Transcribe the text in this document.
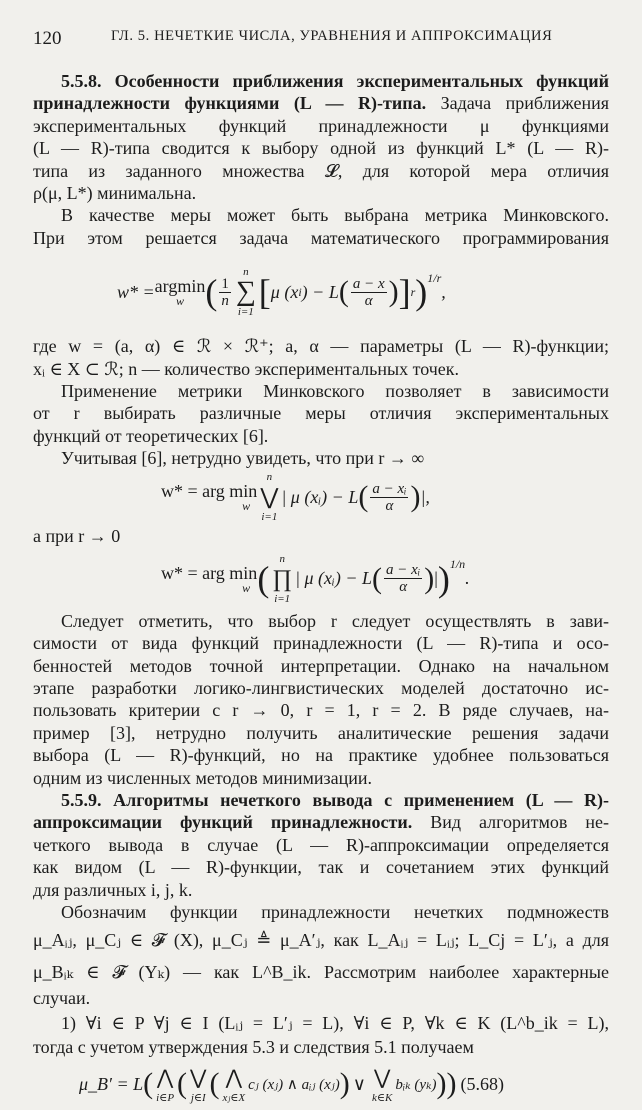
120	ГЛ. 5. НЕЧЕТКИЕ ЧИСЛА, УРАВНЕНИЯ И АППРОКСИМАЦИЯ
5.5.8. Особенности приближения экспериментальных функций
принадлежности функциями (L — R)-типа. Задача приближения
экспериментальных функций принадлежности μ функциями
(L — R)-типа сводится к выбору одной из функций L* (L — R)-
типа из заданного множества 𝓛, для которой мера отличия
ρ(μ, L*) минимальна.
В качестве меры может быть выбрана метрика Минковского.
При этом решается задача математического программирования
w* = argmin
w ( $\frac{1}{n}$
n
∑
i=1 [ μ (x i ) − L ( $\frac{a - x}{\alpha}$ ) ] r ) 1/r
,
где w = (a, α) ∈ ℛ × ℛ⁺; a, α — параметры (L — R)-функции;
xᵢ ∈ X ⊂ ℛ; n — количество экспериментальных точек.
Применение метрики Минковского позволяет в зависимости
от r выбирать различные меры отличия экспериментальных
функций от теоретических [6].
Учитывая [6], нетрудно увидеть, что при r → ∞
w* = arg min
w
n
⋁
i=1
| μ (xᵢ) − L ( $\frac{\text{a − xᵢ}}{\alpha}$ ) |,
а при r → 0
w* = arg min
w ( n
∏
i=1
| μ (xᵢ) − L ( $\frac{\text{a − xᵢ}}{\alpha}$ ) | ) 1/n
.
Следует отметить, что выбор r следует осуществлять в зави-
симости от вида функций принадлежности (L — R)-типа и осо-
бенностей методов точной интерпретации. Однако на начальном
этапе разработки логико-лингвистических моделей достаточно ис-
пользовать критерии с r → 0, r = 1, r = 2. В ряде случаев, на-
пример [3], нетрудно получить аналитические решения задачи
выбора (L — R)-функций, но на практике удобнее пользоваться
одним из численных методов минимизации.
5.5.9. Алгоритмы нечеткого вывода с применением (L — R)-
аппроксимации функций принадлежности. Вид алгоритмов не-
четкого вывода в случае (L — R)-аппроксимации определяется
как видом (L — R)-функции, так и сочетанием этих функций
для различных i, j, k.
Обозначим функции принадлежности нечетких подмножеств
μ_Aᵢⱼ, μ_Cⱼ ∈ 𝓕 (X), μ_Cⱼ ≜ μ_A′ⱼ, как L_Aᵢⱼ = Lᵢⱼ; L_Cj = L′ⱼ, а для
μ_Bᵢₖ ∈ 𝓕 (Yₖ) — как L^B_ik. Рассмотрим наиболее характерные
случаи.
1) ∀i ∈ P ∀j ∈ I (Lᵢⱼ = L′ⱼ = L), ∀i ∈ P, ∀k ∈ K (L^b_ik = L),
тогда с учетом утверждения 5.3 и следствия 5.1 получаем
μ_B′ = L ( ⋀
i∈P ( ⋁
j∈I ( ⋀
xⱼ∈X
cⱼ (xⱼ) ∧ aᵢⱼ (xⱼ) ) ∨ ⋁
k∈K
bᵢₖ (yₖ) )) (5.68)
